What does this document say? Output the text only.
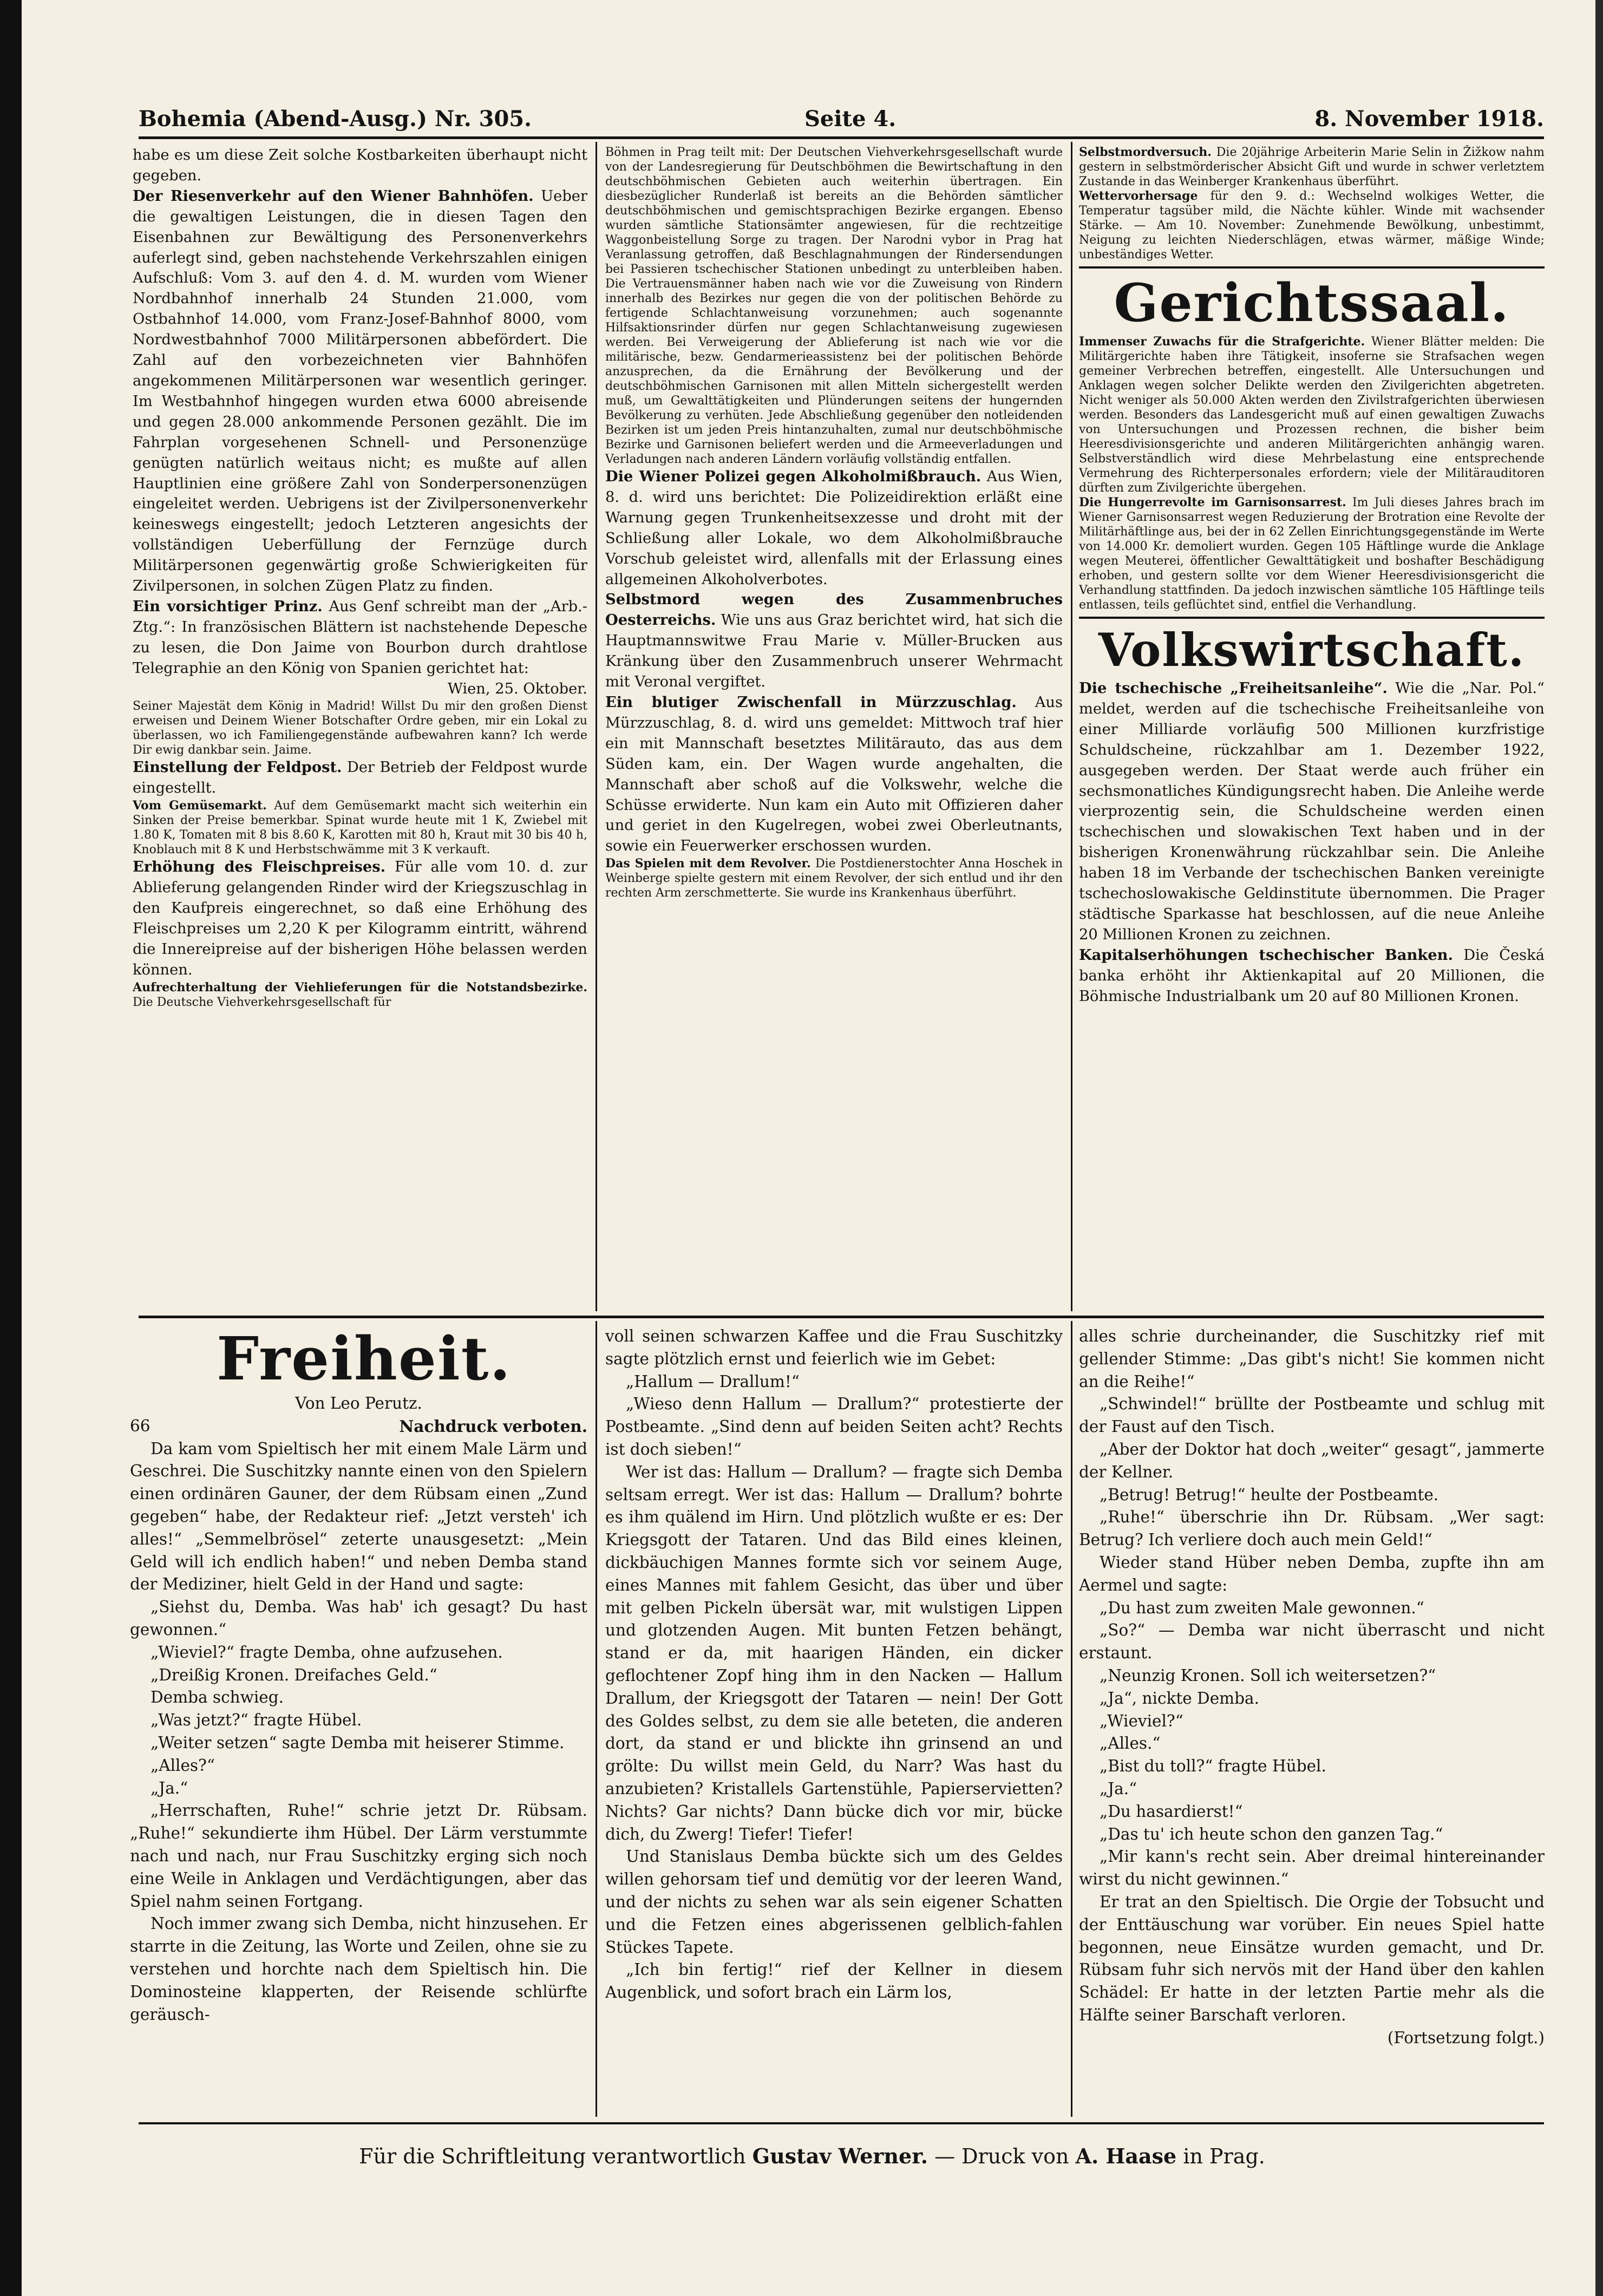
Bohemia (Abend-Ausg.) Nr. 305.	Seite 4.	8. November 1918.

habe es um diese Zeit solche Kostbarkeiten überhaupt nicht gegeben.

Der Riesenverkehr auf den Wiener Bahnhöfen. Ueber die gewaltigen Leistungen, die in diesen Tagen den Eisenbahnen zur Bewältigung des Personenverkehrs auferlegt sind, geben nachstehende Verkehrszahlen einigen Aufschluß: Vom 3. auf den 4. d. M. wurden vom Wiener Nordbahnhof innerhalb 24 Stunden 21.000, vom Ostbahnhof 14.000, vom Franz-Josef-Bahnhof 8000, vom Nordwestbahnhof 7000 Militärpersonen abbefördert. Die Zahl auf den vorbezeichneten vier Bahnhöfen angekommenen Militärpersonen war wesentlich geringer. Im Westbahnhof hingegen wurden etwa 6000 abreisende und gegen 28.000 ankommende Personen gezählt. Die im Fahrplan vorgesehenen Schnell- und Personenzüge genügten natürlich weitaus nicht; es mußte auf allen Hauptlinien eine größere Zahl von Sonderpersonenzügen eingeleitet werden. Uebrigens ist der Zivilpersonenverkehr keineswegs eingestellt; jedoch Letzteren angesichts der vollständigen Ueberfüllung der Fernzüge durch Militärpersonen gegenwärtig große Schwierigkeiten für Zivilpersonen, in solchen Zügen Platz zu finden.

Ein vorsichtiger Prinz. Aus Genf schreibt man der „Arb.-Ztg.“: In französischen Blättern ist nachstehende Depesche zu lesen, die Don Jaime von Bourbon durch drahtlose Telegraphie an den König von Spanien gerichtet hat:

Wien, 25. Oktober.

Seiner Majestät dem König in Madrid! Willst Du mir den großen Dienst erweisen und Deinem Wiener Botschafter Ordre geben, mir ein Lokal zu überlassen, wo ich Familiengegenstände aufbewahren kann? Ich werde Dir ewig dankbar sein. Jaime.

Einstellung der Feldpost. Der Betrieb der Feldpost wurde eingestellt.

Vom Gemüsemarkt. Auf dem Gemüsemarkt macht sich weiterhin ein Sinken der Preise bemerkbar. Spinat wurde heute mit 1 K, Zwiebel mit 1.80 K, Tomaten mit 8 bis 8.60 K, Karotten mit 80 h, Kraut mit 30 bis 40 h, Knoblauch mit 8 K und Herbstschwämme mit 3 K verkauft.

Erhöhung des Fleischpreises. Für alle vom 10. d. zur Ablieferung gelangenden Rinder wird der Kriegszuschlag in den Kaufpreis eingerechnet, so daß eine Erhöhung des Fleischpreises um 2,20 K per Kilogramm eintritt, während die Innereipreise auf der bisherigen Höhe belassen werden können.

Aufrechterhaltung der Viehlieferungen für die Notstandsbezirke. Die Deutsche Viehverkehrsgesellschaft für

Böhmen in Prag teilt mit: Der Deutschen Viehverkehrsgesellschaft wurde von der Landesregierung für Deutschböhmen die Bewirtschaftung in den deutschböhmischen Gebieten auch weiterhin übertragen. Ein diesbezüglicher Runderlaß ist bereits an die Behörden sämtlicher deutschböhmischen und gemischtsprachigen Bezirke ergangen. Ebenso wurden sämtliche Stationsämter angewiesen, für die rechtzeitige Waggonbeistellung Sorge zu tragen. Der Narodni vybor in Prag hat Veranlassung getroffen, daß Beschlagnahmungen der Rindersendungen bei Passieren tschechischer Stationen unbedingt zu unterbleiben haben. Die Vertrauensmänner haben nach wie vor die Zuweisung von Rindern innerhalb des Bezirkes nur gegen die von der politischen Behörde zu fertigende Schlachtanweisung vorzunehmen; auch sogenannte Hilfsaktionsrinder dürfen nur gegen Schlachtanweisung zugewiesen werden. Bei Verweigerung der Ablieferung ist nach wie vor die militärische, bezw. Gendarmerieassistenz bei der politischen Behörde anzusprechen, da die Ernährung der Bevölkerung und der deutschböhmischen Garnisonen mit allen Mitteln sichergestellt werden muß, um Gewalttätigkeiten und Plünderungen seitens der hungernden Bevölkerung zu verhüten. Jede Abschließung gegenüber den notleidenden Bezirken ist um jeden Preis hintanzuhalten, zumal nur deutschböhmische Bezirke und Garnisonen beliefert werden und die Armeeverladungen und Verladungen nach anderen Ländern vorläufig vollständig entfallen.

Die Wiener Polizei gegen Alkoholmißbrauch. Aus Wien, 8. d. wird uns berichtet: Die Polizeidirektion erläßt eine Warnung gegen Trunkenheitsexzesse und droht mit der Schließung aller Lokale, wo dem Alkoholmißbrauche Vorschub geleistet wird, allenfalls mit der Erlassung eines allgemeinen Alkoholverbotes.

Selbstmord wegen des Zusammenbruches Oesterreichs. Wie uns aus Graz berichtet wird, hat sich die Hauptmannswitwe Frau Marie v. Müller-Brucken aus Kränkung über den Zusammenbruch unserer Wehrmacht mit Veronal vergiftet.

Ein blutiger Zwischenfall in Mürzzuschlag. Aus Mürzzuschlag, 8. d. wird uns gemeldet: Mittwoch traf hier ein mit Mannschaft besetztes Militärauto, das aus dem Süden kam, ein. Der Wagen wurde angehalten, die Mannschaft aber schoß auf die Volkswehr, welche die Schüsse erwiderte. Nun kam ein Auto mit Offizieren daher und geriet in den Kugelregen, wobei zwei Oberleutnants, sowie ein Feuerwerker erschossen wurden.

Das Spielen mit dem Revolver. Die Postdienerstochter Anna Hoschek in Weinberge spielte gestern mit einem Revolver, der sich entlud und ihr den rechten Arm zerschmetterte. Sie wurde ins Krankenhaus überführt.

Selbstmordversuch. Die 20jährige Arbeiterin Marie Selin in Žižkow nahm gestern in selbstmörderischer Absicht Gift und wurde in schwer verletztem Zustande in das Weinberger Krankenhaus überführt.

Wettervorhersage für den 9. d.: Wechselnd wolkiges Wetter, die Temperatur tagsüber mild, die Nächte kühler. Winde mit wachsender Stärke. — Am 10. November: Zunehmende Bewölkung, unbestimmt, Neigung zu leichten Niederschlägen, etwas wärmer, mäßige Winde; unbeständiges Wetter.

Gerichtssaal.

Immenser Zuwachs für die Strafgerichte. Wiener Blätter melden: Die Militärgerichte haben ihre Tätigkeit, insoferne sie Strafsachen wegen gemeiner Verbrechen betreffen, eingestellt. Alle Untersuchungen und Anklagen wegen solcher Delikte werden den Zivilgerichten abgetreten. Nicht weniger als 50.000 Akten werden den Zivilstrafgerichten überwiesen werden. Besonders das Landesgericht muß auf einen gewaltigen Zuwachs von Untersuchungen und Prozessen rechnen, die bisher beim Heeresdivisionsgerichte und anderen Militärgerichten anhängig waren. Selbstverständlich wird diese Mehrbelastung eine entsprechende Vermehrung des Richterpersonales erfordern; viele der Militärauditoren dürften zum Zivilgerichte übergehen.

Die Hungerrevolte im Garnisonsarrest. Im Juli dieses Jahres brach im Wiener Garnisonsarrest wegen Reduzierung der Brotration eine Revolte der Militärhäftlinge aus, bei der in 62 Zellen Einrichtungsgegenstände im Werte von 14.000 Kr. demoliert wurden. Gegen 105 Häftlinge wurde die Anklage wegen Meuterei, öffentlicher Gewalttätigkeit und boshafter Beschädigung erhoben, und gestern sollte vor dem Wiener Heeresdivisionsgericht die Verhandlung stattfinden. Da jedoch inzwischen sämtliche 105 Häftlinge teils entlassen, teils geflüchtet sind, entfiel die Verhandlung.

Volkswirtschaft.

Die tschechische „Freiheitsanleihe“. Wie die „Nar. Pol.“ meldet, werden auf die tschechische Freiheitsanleihe von einer Milliarde vorläufig 500 Millionen kurzfristige Schuldscheine, rückzahlbar am 1. Dezember 1922, ausgegeben werden. Der Staat werde auch früher ein sechsmonatliches Kündigungsrecht haben. Die Anleihe werde vierprozentig sein, die Schuldscheine werden einen tschechischen und slowakischen Text haben und in der bisherigen Kronenwährung rückzahlbar sein. Die Anleihe haben 18 im Verbande der tschechischen Banken vereinigte tschechoslowakische Geldinstitute übernommen. Die Prager städtische Sparkasse hat beschlossen, auf die neue Anleihe 20 Millionen Kronen zu zeichnen.

Kapitalserhöhungen tschechischer Banken. Die Česká banka erhöht ihr Aktienkapital auf 20 Millionen, die Böhmische Industrialbank um 20 auf 80 Millionen Kronen.

Freiheit.

Von Leo Perutz.

66	Nachdruck verboten.

Da kam vom Spieltisch her mit einem Male Lärm und Geschrei. Die Suschitzky nannte einen von den Spielern einen ordinären Gauner, der dem Rübsam einen „Zund gegeben“ habe, der Redakteur rief: „Jetzt versteh' ich alles!“ „Semmelbrösel“ zeterte unausgesetzt: „Mein Geld will ich endlich haben!“ und neben Demba stand der Mediziner, hielt Geld in der Hand und sagte:

„Siehst du, Demba. Was hab' ich gesagt? Du hast gewonnen.“

„Wieviel?“ fragte Demba, ohne aufzusehen.

„Dreißig Kronen. Dreifaches Geld.“

Demba schwieg.

„Was jetzt?“ fragte Hübel.

„Weiter setzen“ sagte Demba mit heiserer Stimme.

„Alles?“

„Ja.“

„Herrschaften, Ruhe!“ schrie jetzt Dr. Rübsam. „Ruhe!“ sekundierte ihm Hübel. Der Lärm verstummte nach und nach, nur Frau Suschitzky erging sich noch eine Weile in Anklagen und Verdächtigungen, aber das Spiel nahm seinen Fortgang.

Noch immer zwang sich Demba, nicht hinzusehen. Er starrte in die Zeitung, las Worte und Zeilen, ohne sie zu verstehen und horchte nach dem Spieltisch hin. Die Dominosteine klapperten, der Reisende schlürfte geräusch-

voll seinen schwarzen Kaffee und die Frau Suschitzky sagte plötzlich ernst und feierlich wie im Gebet:

„Hallum — Drallum!“

„Wieso denn Hallum — Drallum?“ protestierte der Postbeamte. „Sind denn auf beiden Seiten acht? Rechts ist doch sieben!“

Wer ist das: Hallum — Drallum? — fragte sich Demba seltsam erregt. Wer ist das: Hallum — Drallum? bohrte es ihm quälend im Hirn. Und plötzlich wußte er es: Der Kriegsgott der Tataren. Und das Bild eines kleinen, dickbäuchigen Mannes formte sich vor seinem Auge, eines Mannes mit fahlem Gesicht, das über und über mit gelben Pickeln übersät war, mit wulstigen Lippen und glotzenden Augen. Mit bunten Fetzen behängt, stand er da, mit haarigen Händen, ein dicker geflochtener Zopf hing ihm in den Nacken — Hallum Drallum, der Kriegsgott der Tataren — nein! Der Gott des Goldes selbst, zu dem sie alle beteten, die anderen dort, da stand er und blickte ihn grinsend an und grölte: Du willst mein Geld, du Narr? Was hast du anzubieten? Kristallels Gartenstühle, Papierservietten? Nichts? Gar nichts? Dann bücke dich vor mir, bücke dich, du Zwerg! Tiefer! Tiefer!

Und Stanislaus Demba bückte sich um des Geldes willen gehorsam tief und demütig vor der leeren Wand, und der nichts zu sehen war als sein eigener Schatten und die Fetzen eines abgerissenen gelblich-fahlen Stückes Tapete.

„Ich bin fertig!“ rief der Kellner in diesem Augenblick, und sofort brach ein Lärm los,

alles schrie durcheinander, die Suschitzky rief mit gellender Stimme: „Das gibt's nicht! Sie kommen nicht an die Reihe!“

„Schwindel!“ brüllte der Postbeamte und schlug mit der Faust auf den Tisch.

„Aber der Doktor hat doch „weiter“ gesagt“, jammerte der Kellner.

„Betrug! Betrug!“ heulte der Postbeamte.

„Ruhe!“ überschrie ihn Dr. Rübsam. „Wer sagt: Betrug? Ich verliere doch auch mein Geld!“

Wieder stand Hüber neben Demba, zupfte ihn am Aermel und sagte:

„Du hast zum zweiten Male gewonnen.“

„So?“ — Demba war nicht überrascht und nicht erstaunt.

„Neunzig Kronen. Soll ich weitersetzen?“

„Ja“, nickte Demba.

„Wieviel?“

„Alles.“

„Bist du toll?“ fragte Hübel.

„Ja.“

„Du hasardierst!“

„Das tu' ich heute schon den ganzen Tag.“

„Mir kann's recht sein. Aber dreimal hintereinander wirst du nicht gewinnen.“

Er trat an den Spieltisch. Die Orgie der Tobsucht und der Enttäuschung war vorüber. Ein neues Spiel hatte begonnen, neue Einsätze wurden gemacht, und Dr. Rübsam fuhr sich nervös mit der Hand über den kahlen Schädel: Er hatte in der letzten Partie mehr als die Hälfte seiner Barschaft verloren.

(Fortsetzung folgt.)

Für die Schriftleitung verantwortlich Gustav Werner. — Druck von A. Haase in Prag.
